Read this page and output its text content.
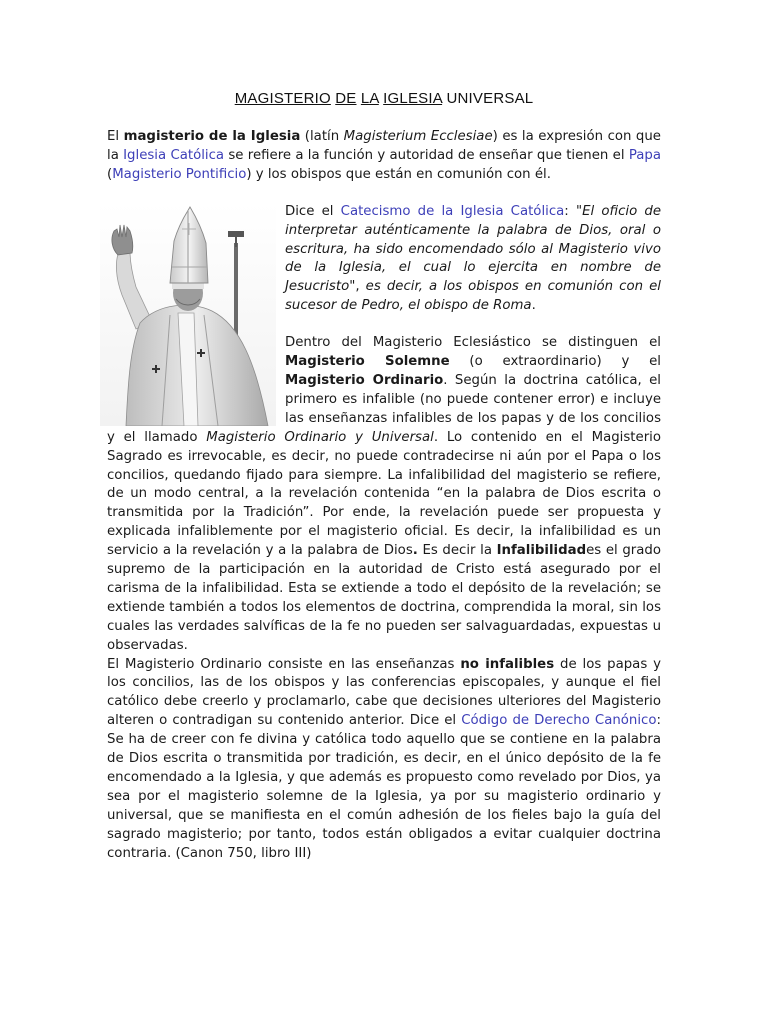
MAGISTERIO DE LA IGLESIA UNIVERSAL

El magisterio de la Iglesia (latín Magisterium Ecclesiae) es la expresión con que la Iglesia Católica se refiere a la función y autoridad de enseñar que tienen el Papa (Magisterio Pontificio) y los obispos que están en comunión con él.

Dice el Catecismo de la Iglesia Católica: "El oficio de interpretar auténticamente la palabra de Dios, oral o escritura, ha sido encomendado sólo al Magisterio vivo de la Iglesia, el cual lo ejercita en nombre de Jesucristo", es decir, a los obispos en comunión con el sucesor de Pedro, el obispo de Roma.

Dentro del Magisterio Eclesiástico se distinguen el Magisterio Solemne (o extraordinario) y el Magisterio Ordinario. Según la doctrina católica, el primero es infalible (no puede contener error) e incluye las enseñanzas infalibles de los papas y de los concilios y el llamado Magisterio Ordinario y Universal. Lo contenido en el Magisterio Sagrado es irrevocable, es decir, no puede contradecirse ni aún por el Papa o los concilios, quedando fijado para siempre. La infalibilidad del magisterio se refiere, de un modo central, a la revelación contenida “en la palabra de Dios escrita o transmitida por la Tradición”. Por ende, la revelación puede ser propuesta y explicada infaliblemente por el magisterio oficial. Es decir, la infalibilidad es un servicio a la revelación y a la palabra de Dios. Es decir la Infalibilidades el grado supremo de la participación en la autoridad de Cristo está asegurado por el carisma de la infalibilidad. Esta se extiende a todo el depósito de la revelación; se extiende también a todos los elementos de doctrina, comprendida la moral, sin los cuales las verdades salvíficas de la fe no pueden ser salvaguardadas, expuestas u observadas.

El Magisterio Ordinario consiste en las enseñanzas no infalibles de los papas y los concilios, las de los obispos y las conferencias episcopales, y aunque el fiel católico debe creerlo y proclamarlo, cabe que decisiones ulteriores del Magisterio alteren o contradigan su contenido anterior. Dice el Código de Derecho Canónico: Se ha de creer con fe divina y católica todo aquello que se contiene en la palabra de Dios escrita o transmitida por tradición, es decir, en el único depósito de la fe encomendado a la Iglesia, y que además es propuesto como revelado por Dios, ya sea por el magisterio solemne de la Iglesia, ya por su magisterio ordinario y universal, que se manifiesta en el común adhesión de los fieles bajo la guía del sagrado magisterio; por tanto, todos están obligados a evitar cualquier doctrina contraria. (Canon 750, libro III)
